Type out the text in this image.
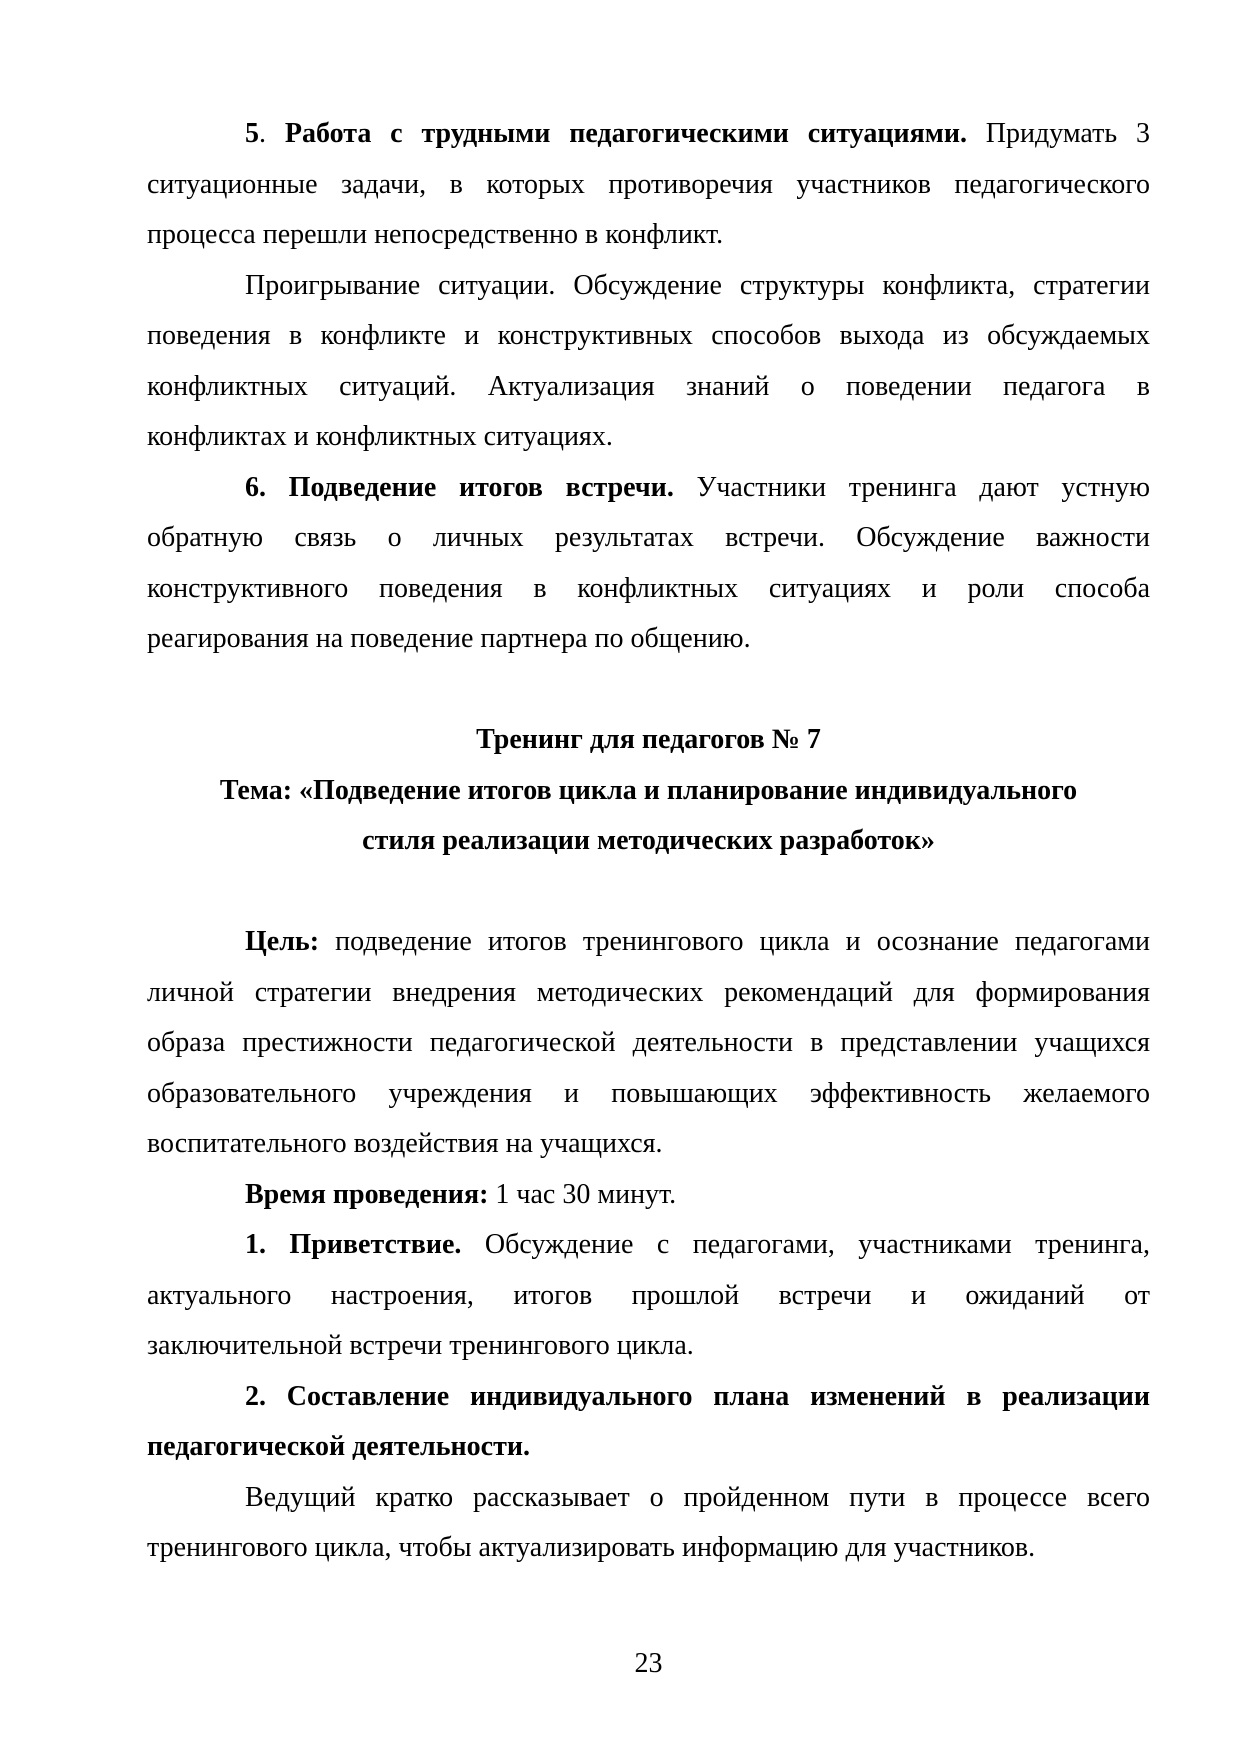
5. Работа с трудными педагогическими ситуациями. Придумать 3
ситуационные задачи, в которых противоречия участников педагогического
процесса перешли непосредственно в конфликт.
Проигрывание ситуации. Обсуждение структуры конфликта, стратегии
поведения в конфликте и конструктивных способов выхода из обсуждаемых
конфликтных ситуаций. Актуализация знаний о поведении педагога в
конфликтах и конфликтных ситуациях.
6. Подведение итогов встречи. Участники тренинга дают устную
обратную связь о личных результатах встречи. Обсуждение важности
конструктивного поведения в конфликтных ситуациях и роли способа
реагирования на поведение партнера по общению.
Тренинг для педагогов № 7
Тема: «Подведение итогов цикла и планирование индивидуального
стиля реализации методических разработок»
Цель: подведение итогов тренингового цикла и осознание педагогами
личной стратегии внедрения методических рекомендаций для формирования
образа престижности педагогической деятельности в представлении учащихся
образовательного учреждения и повышающих эффективность желаемого
воспитательного воздействия на учащихся.
Время проведения: 1 час 30 минут.
1. Приветствие. Обсуждение с педагогами, участниками тренинга,
актуального настроения, итогов прошлой встречи и ожиданий от
заключительной встречи тренингового цикла.
2. Составление индивидуального плана изменений в реализации
педагогической деятельности.
Ведущий кратко рассказывает о пройденном пути в процессе всего
тренингового цикла, чтобы актуализировать информацию для участников.
23
